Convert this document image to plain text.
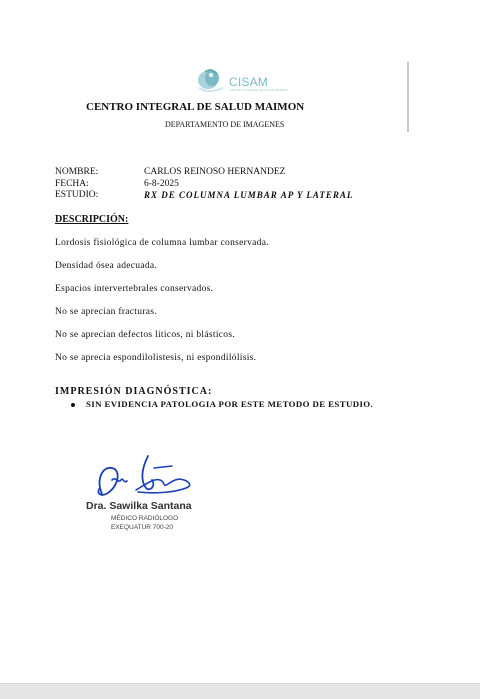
CISAM
CENTRO INTEGRAL DE SALUD MAIMON
CENTRO INTEGRAL DE SALUD MAIMON
DEPARTAMENTO DE IMAGENES
NOMBRE:	CARLOS REINOSO HERNANDEZ
FECHA:	6-8-2025
ESTUDIO:	RX DE COLUMNA LUMBAR AP Y LATERAL
DESCRIPCIÓN:
Lordosis fisiológica de columna lumbar conservada.
Densidad ósea adecuada.
Espacios intervertebrales conservados.
No se aprecian fracturas.
No se aprecian defectos líticos, ni blásticos.
No se aprecia espondilolistesis, ni espondilólisis.
IMPRESIÓN DIAGNÓSTICA:
SIN EVIDENCIA PATOLOGIA POR ESTE METODO DE ESTUDIO.
Dra. Sawilka Santana
MÉDICO RADIÓLOGO
EXEQUATUR 700-20
